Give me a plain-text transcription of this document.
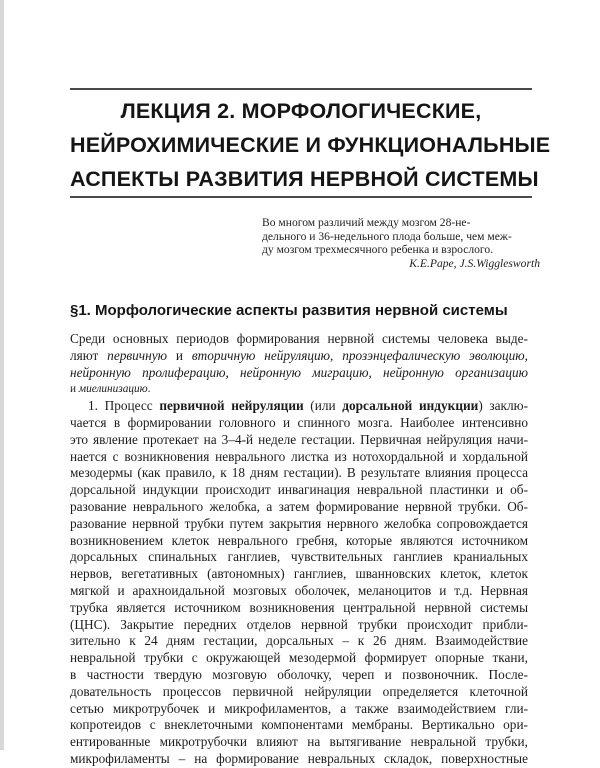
ЛЕКЦИЯ 2. МОРФОЛОГИЧЕСКИЕ,
НЕЙРОХИМИЧЕСКИЕ И ФУНКЦИОНАЛЬНЫЕ
АСПЕКТЫ РАЗВИТИЯ НЕРВНОЙ СИСТЕМЫ
Во многом различий между мозгом 28-не-
дельного и 36-недельного плода больше, чем меж-
ду мозгом трехмесячного ребенка и взрослого.
K.E.Pape, J.S.Wigglesworth
§1. Морфологические аспекты развития нервной системы
Среди основных периодов формирования нервной системы человека выде-
ляют первичную и вторичную нейруляцию, прозэнцефалическую эволюцию,
нейронную пролиферацию, нейронную миграцию, нейронную организацию
и миелинизацию.
1. Процесс первичной нейруляции (или дорсальной индукции) заклю-
чается в формировании головного и спинного мозга. Наиболее интенсивно
это явление протекает на 3–4-й неделе гестации. Первичная нейруляция начи-
нается с возникновения неврального листка из нотохордальной и хордальной
мезодермы (как правило, к 18 дням гестации). В результате влияния процесса
дорсальной индукции происходит инвагинация невральной пластинки и об-
разование неврального желобка, а затем формирование нервной трубки. Об-
разование нервной трубки путем закрытия нервного желобка сопровождается
возникновением клеток неврального гребня, которые являются источником
дорсальных спинальных ганглиев, чувствительных ганглиев краниальных
нервов, вегетативных (автономных) ганглиев, шванновских клеток, клеток
мягкой и арахноидальной мозговых оболочек, меланоцитов и т.д. Нервная
трубка является источником возникновения центральной нервной системы
(ЦНС). Закрытие передних отделов нервной трубки происходит прибли-
зительно к 24 дням гестации, дорсальных – к 26 дням. Взаимодействие
невральной трубки с окружающей мезодермой формирует опорные ткани,
в частности твердую мозговую оболочку, череп и позвоночник. После-
довательность процессов первичной нейруляции определяется клеточной
сетью микротрубочек и микрофиламентов, а также взаимодействием гли-
копротеидов с внеклеточными компонентами мембраны. Вертикально ори-
ентированные микротрубочки влияют на вытягивание невральной трубки,
микрофиламенты – на формирование невральных складок, поверхностные
